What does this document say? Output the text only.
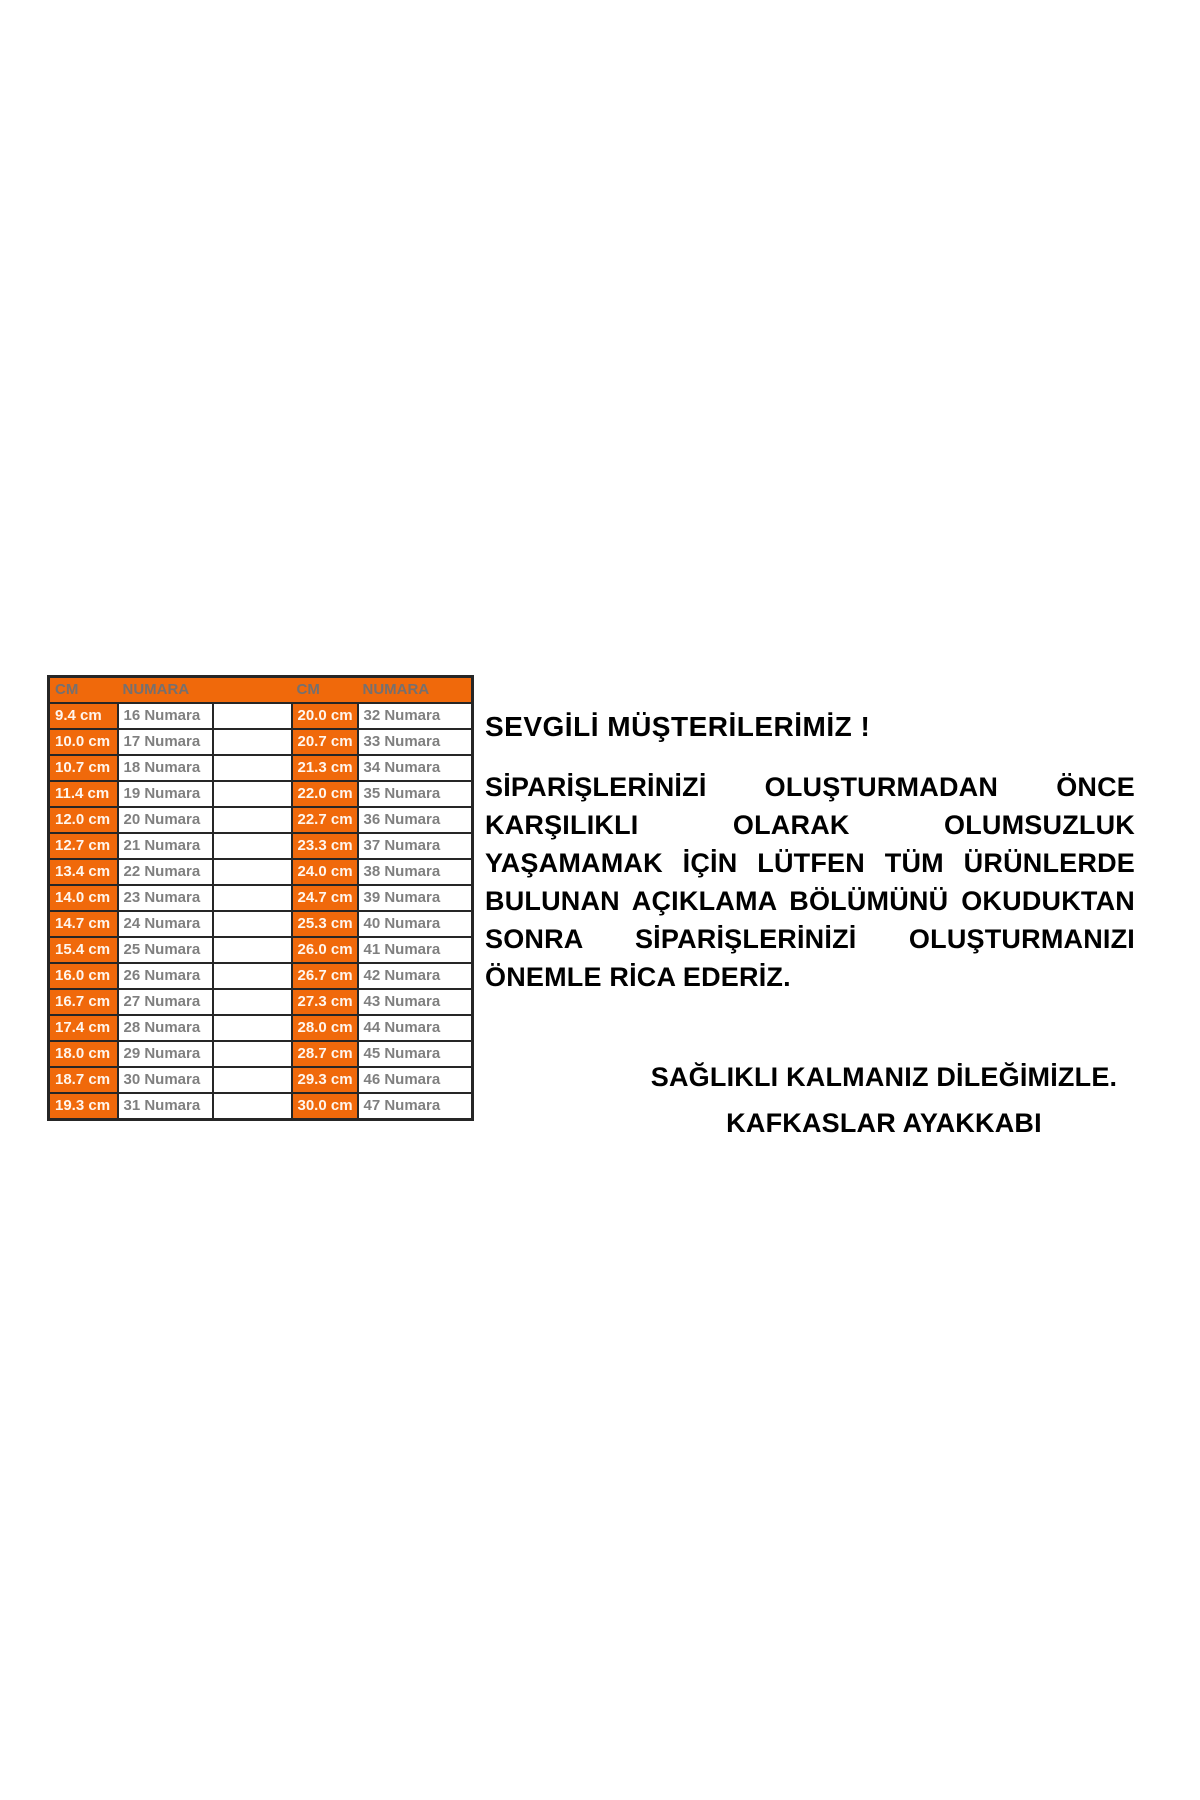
CM	NUMARA		CM	NUMARA
9.4 cm	16 Numara		20.0 cm	32 Numara
10.0 cm	17 Numara		20.7 cm	33 Numara
10.7 cm	18 Numara		21.3 cm	34 Numara
11.4 cm	19 Numara		22.0 cm	35 Numara
12.0 cm	20 Numara		22.7 cm	36 Numara
12.7 cm	21 Numara		23.3 cm	37 Numara
13.4 cm	22 Numara		24.0 cm	38 Numara
14.0 cm	23 Numara		24.7 cm	39 Numara
14.7 cm	24 Numara		25.3 cm	40 Numara
15.4 cm	25 Numara		26.0 cm	41 Numara
16.0 cm	26 Numara		26.7 cm	42 Numara
16.7 cm	27 Numara		27.3 cm	43 Numara
17.4 cm	28 Numara		28.0 cm	44 Numara
18.0 cm	29 Numara		28.7 cm	45 Numara
18.7 cm	30 Numara		29.3 cm	46 Numara
19.3 cm	31 Numara		30.0 cm	47 Numara
SEVGİLİ MÜŞTERİLERİMİZ !
SİPARİŞLERİNİZİ OLUŞTURMADAN ÖNCE
KARŞILIKLI OLARAK OLUMSUZLUK
YAŞAMAMAK İÇİN LÜTFEN TÜM ÜRÜNLERDE
BULUNAN AÇIKLAMA BÖLÜMÜNÜ OKUDUKTAN
SONRA SİPARİŞLERİNİZİ OLUŞTURMANIZI
ÖNEMLE RİCA EDERİZ.

SAĞLIKLI KALMANIZ DİLEĞİMİZLE.

KAFKASLAR AYAKKABI
